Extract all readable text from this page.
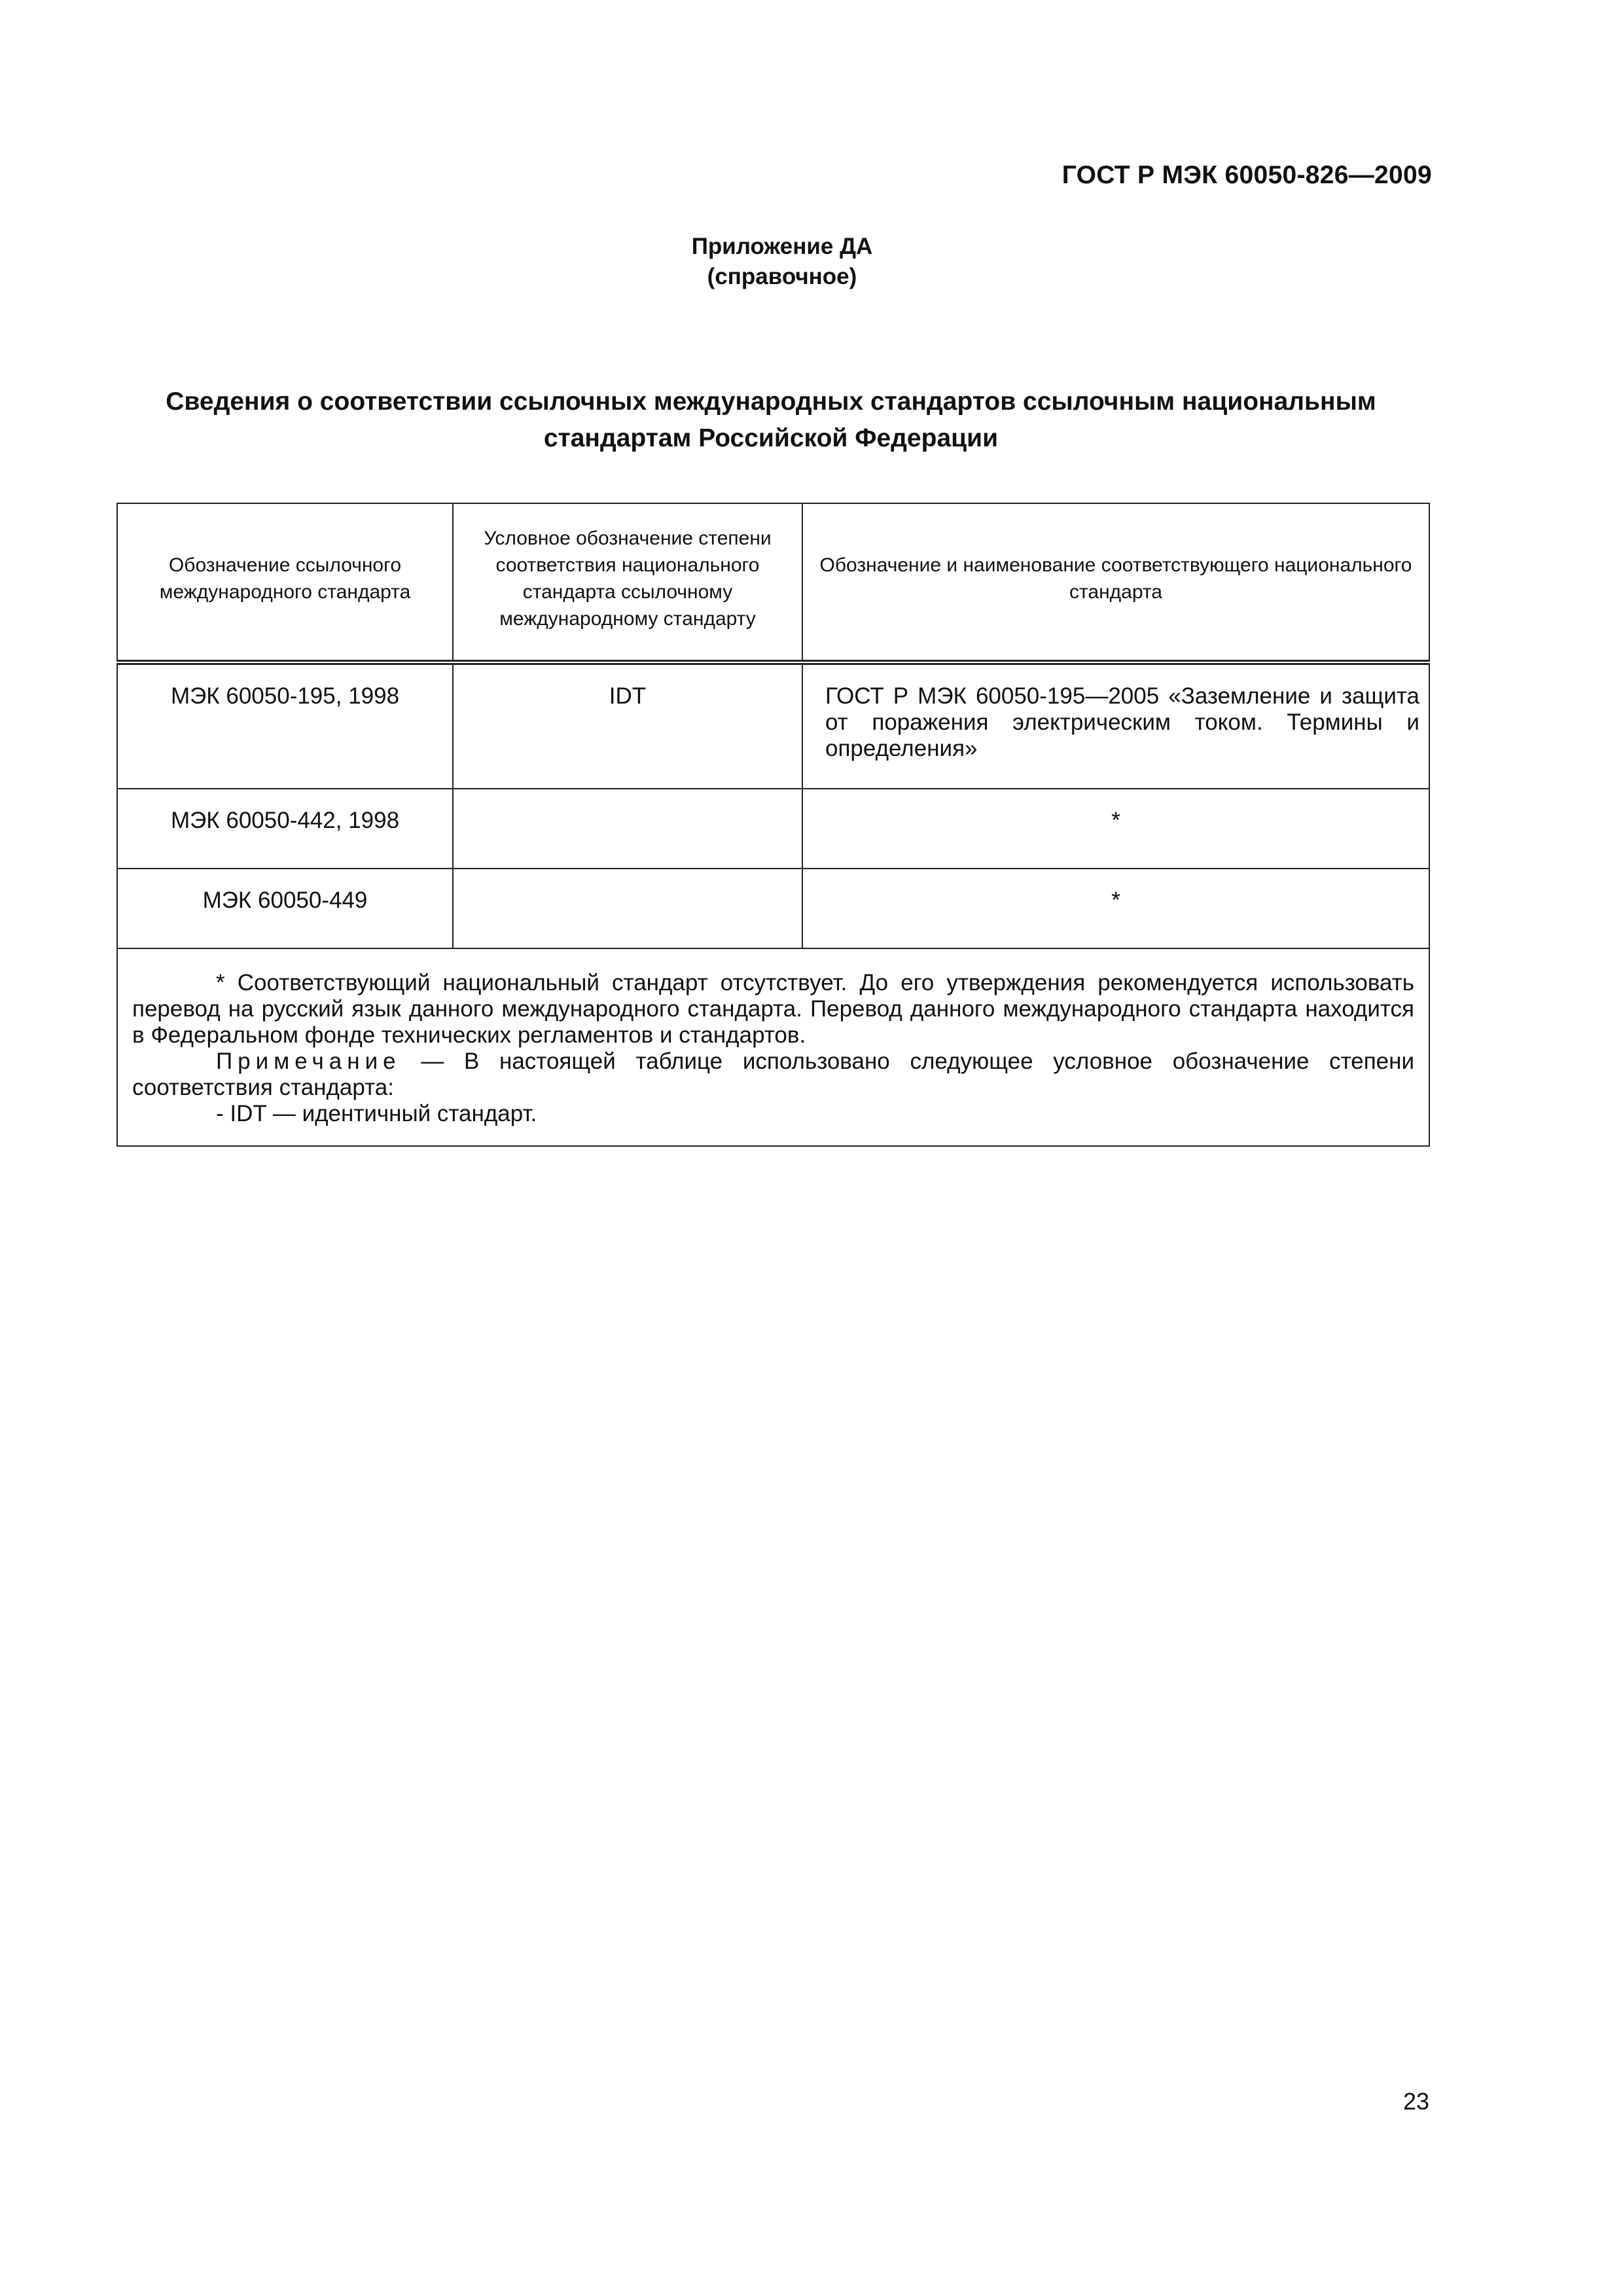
ГОСТ Р МЭК 60050-826—2009
Приложение ДА
(справочное)
Сведения о соответствии ссылочных международных стандартов ссылочным национальным
стандартам Российской Федерации
Обозначение ссылочного международного стандарта	Условное обозначение степени соответствия национального стандарта ссылочному международному стандарту	Обозначение и наименование соответствующего национального стандарта
МЭК 60050-195, 1998	IDT	ГОСТ Р МЭК 60050-195—2005 «Заземление и защита от поражения электрическим током. Термины и определения»
МЭК 60050-442, 1998		*
МЭК 60050-449		*

* Соответствующий национальный стандарт отсутствует. До его утверждения рекомендуется использовать перевод на русский язык данного международного стандарта. Перевод данного международного стандарта находится в Федеральном фонде технических регламентов и стандартов.

Примечание — В настоящей таблице использовано следующее условное обозначение степени соответствия стандарта:

- IDT — идентичный стандарт.		

23
